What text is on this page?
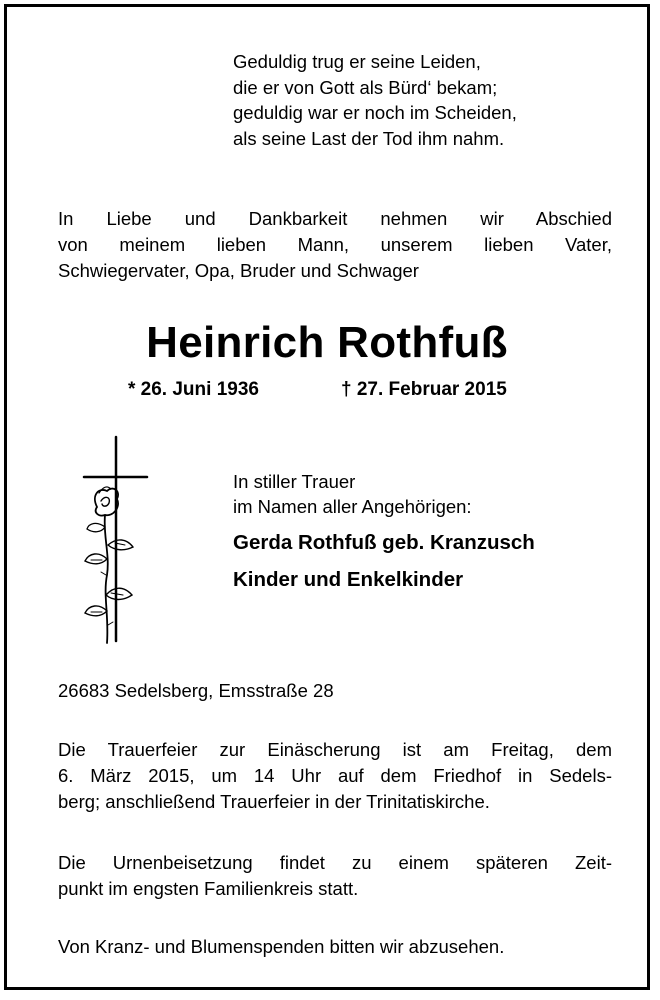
Geduldig trug er seine Leiden,
die er von Gott als Bürd‘ bekam;
geduldig war er noch im Scheiden,
als seine Last der Tod ihm nahm.
In Liebe und Dankbarkeit nehmen wir Abschied
von meinem lieben Mann, unserem lieben Vater,
Schwiegervater, Opa, Bruder und Schwager
Heinrich Rothfuß
* 26. Juni 1936	† 27. Februar 2015
In stiller Trauer
im Namen aller Angehörigen:
Gerda Rothfuß geb. Kranzusch
Kinder und Enkelkinder
26683 Sedelsberg, Emsstraße 28
Die Trauerfeier zur Einäscherung ist am Freitag, dem
6. März 2015, um 14 Uhr auf dem Friedhof in Sedels-
berg; anschließend Trauerfeier in der Trinitatiskirche.
Die Urnenbeisetzung findet zu einem späteren Zeit-
punkt im engsten Familienkreis statt.
Von Kranz- und Blumenspenden bitten wir abzusehen.
